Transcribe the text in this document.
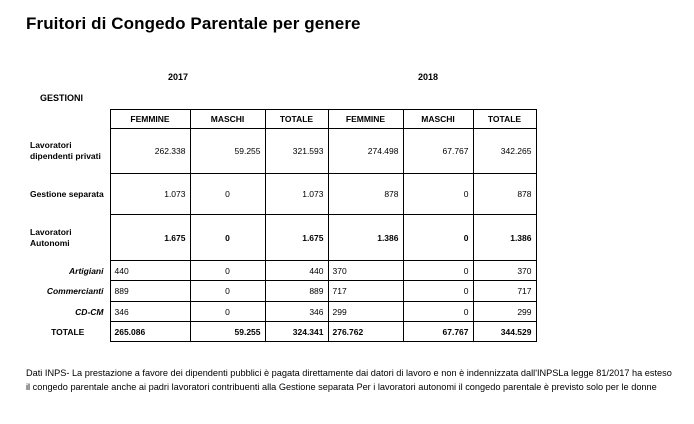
Fruitori di Congedo Parentale per genere
2017	2018
GESTIONI
	FEMMINE	MASCHI	TOTALE	FEMMINE	MASCHI	TOTALE
Lavoratori dipendenti privati	262.338	59.255	321.593	274.498	67.767	342.265
Gestione separata	1.073	0	1.073	878	0	878
Lavoratori Autonomi	1.675	0	1.675	1.386	0	1.386
Artigiani	440	0	440	370	0	370
Commercianti	889	0	889	717	0	717
CD-CM	346	0	346	299	0	299
TOTALE	265.086	59.255	324.341	276.762	67.767	344.529
Dati INPS- La prestazione a favore dei dipendenti pubblici è pagata direttamente dai datori di lavoro e non è indennizzata dall'INPSLa legge 81/2017 ha esteso il congedo parentale anche ai padri lavoratori contribuenti alla Gestione separata Per i lavoratori autonomi il congedo parentale è previsto solo per le donne
